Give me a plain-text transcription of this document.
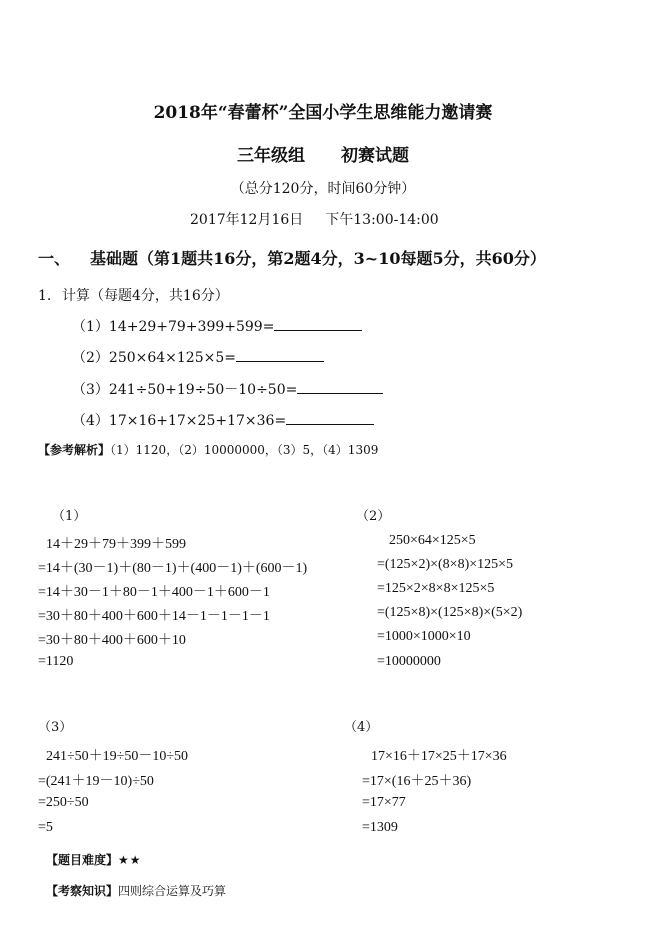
2018年“春蕾杯”全国小学生思维能力邀请赛
三年级组 初赛试题
（总分120分，时间60分钟）
2017年12月16日 下午13:00-14:00
一、 基础题（第1题共16分，第2题4分，3~10每题5分，共60分）
1. 计算（每题4分，共16分）
（1）14+29+79+399+599=
（2）250×64×125×5=
（3）241÷50+19÷50－10÷50=
（4）17×16+17×25+17×36=
【参考解析】（1）1120，（2）10000000，（3）5，（4）1309
（1）
14＋29＋79＋399＋599
=14＋(30－1)＋(80－1)＋(400－1)＋(600－1)
=14＋30－1＋80－1＋400－1＋600－1
=30＋80＋400＋600＋14－1－1－1－1
=30＋80＋400＋600＋10
=1120
（2）
250×64×125×5
=(125×2)×(8×8)×125×5
=125×2×8×8×125×5
=(125×8)×(125×8)×(5×2)
=1000×1000×10
=10000000
（3）
241÷50＋19÷50－10÷50
=(241＋19－10)÷50
=250÷50
=5
（4）
17×16＋17×25＋17×36
=17×(16＋25＋36)
=17×77
=1309
【题目难度】★★
【考察知识】四则综合运算及巧算
